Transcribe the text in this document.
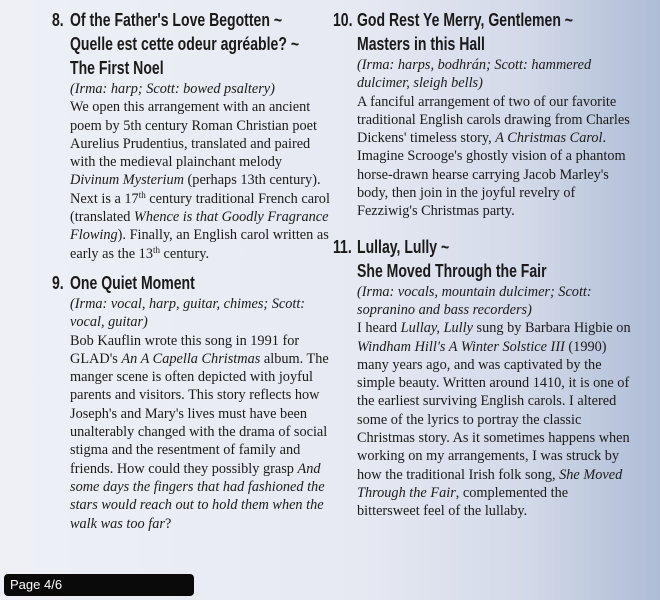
8. Of the Father's Love Begotten ~
Quelle est cette odeur agréable? ~
The First Noel
(Irma: harp; Scott: bowed psaltery)
We open this arrangement with an ancient poem by 5th century Roman Christian poet Aurelius Prudentius, translated and paired with the medieval plainchant melody Divinum Mysterium (perhaps 13th century). Next is a 17th century traditional French carol (translated Whence is that Goodly Fragrance Flowing). Finally, an English carol written as early as the 13th century.
9. One Quiet Moment
(Irma: vocal, harp, guitar, chimes; Scott: vocal, guitar)
Bob Kauflin wrote this song in 1991 for GLAD's An A Capella Christmas album. The manger scene is often depicted with joyful parents and visitors. This story reflects how Joseph's and Mary's lives must have been unalterably changed with the drama of social stigma and the resentment of family and friends. How could they possibly grasp And some days the fingers that had fashioned the stars would reach out to hold them when the walk was too far?
10. God Rest Ye Merry, Gentlemen ~
Masters in this Hall
(Irma: harps, bodhrán; Scott: hammered dulcimer, sleigh bells)
A fanciful arrangement of two of our favorite traditional English carols drawing from Charles Dickens' timeless story, A Christmas Carol. Imagine Scrooge's ghostly vision of a phantom horse-drawn hearse carrying Jacob Marley's body, then join in the joyful revelry of Fezziwig's Christmas party.
11. Lullay, Lully ~
She Moved Through the Fair
(Irma: vocals, mountain dulcimer; Scott: sopranino and bass recorders)
I heard Lullay, Lully sung by Barbara Higbie on Windham Hill's A Winter Solstice III (1990) many years ago, and was captivated by the simple beauty. Written around 1410, it is one of the earliest surviving English carols. I altered some of the lyrics to portray the classic Christmas story. As it sometimes happens when working on my arrangements, I was struck by how the traditional Irish folk song, She Moved Through the Fair, complemented the bittersweet feel of the lullaby.
Page 4/6
